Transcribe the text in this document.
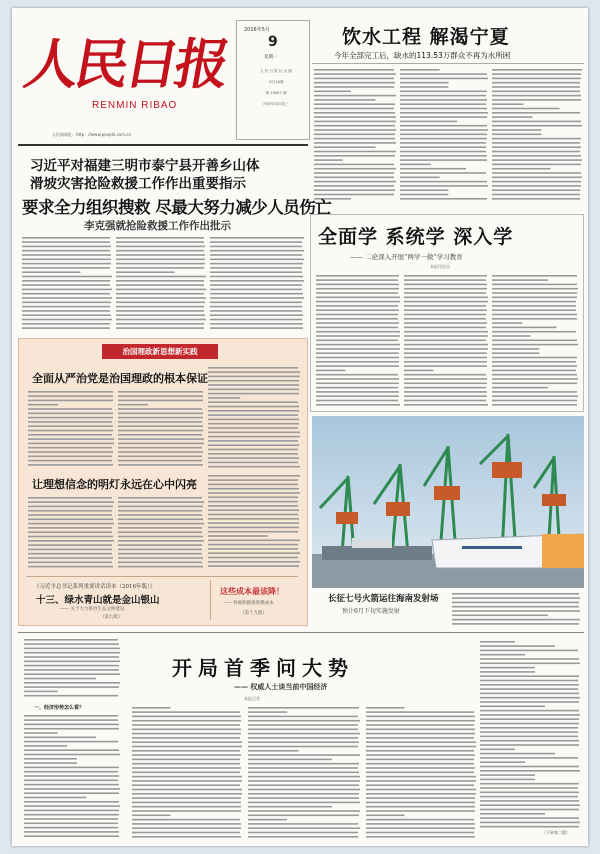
人民日报
RENMIN RIBAO
人民网网址：http：//www.people.com.cn
2016年5月
9
星期一
人 民 日 报 社 出 版
今日24版
第 24597 期
丙申年四月初三
饮水工程 解渴宁夏
今年全部完工后，缺水的113.53万群众不再为水所困
习近平对福建三明市泰宁县开善乡山体
滑坡灾害抢险救援工作作出重要指示
要求全力组织搜救 尽最大努力减少人员伤亡
李克强就抢险救援工作作出批示	全面学 系统学 深入学
—— 二论深入开展“两学一做”学习教育
本报评论员
治国理政新思想新实践
全面从严治党是治国理政的根本保证
让理想信念的明灯永远在心中闪亮
《习近平总书记系列重要讲话读本（2016年版）》
十三、绿水青山就是金山银山
—— 关于大力推进生态文明建设
（第九版）
这些成本最该降！
——各地积极推进降成本
（第十九版）
长征七号火箭运往海南发射场
预计6月下旬实施发射
开局首季问大势
—— 权威人士谈当前中国经济
本报记者
一、经济形势怎么看？
（下转第二版）
